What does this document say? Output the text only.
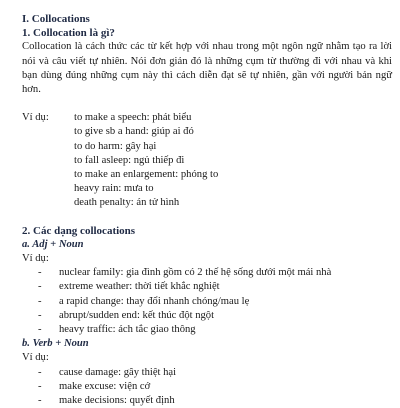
I. Collocations

1. Collocation là gì?

Collocation là cách thức các từ kết hợp với nhau trong một ngôn ngữ nhằm tạo ra lời nói và câu viết tự nhiên. Nói đơn giản đó là những cụm từ thường đi với nhau và khi bạn dùng đúng những cụm này thì cách diễn đạt sẽ tự nhiên, gần với người bản ngữ hơn.

Ví dụ:	to make a speech: phát biểu
to give sb a hand: giúp ai đó
to do harm: gây hại
to fall asleep: ngủ thiếp đi
to make an enlargement: phóng to
heavy rain: mưa to
death penalty: án tử hình

2. Các dạng collocations

a. Adj + Noun

Ví dụ:
- nuclear family: gia đình gồm có 2 thế hệ sống dưới một mái nhà
- extreme weather: thời tiết khắc nghiệt
- a rapid change: thay đổi nhanh chóng/mau lẹ
- abrupt/sudden end: kết thúc đột ngột
- heavy traffic: ách tắc giao thông

b. Verb + Noun

Ví dụ:
- cause damage: gây thiệt hại
- make excuse: viện cớ
- make decisions: quyết định
